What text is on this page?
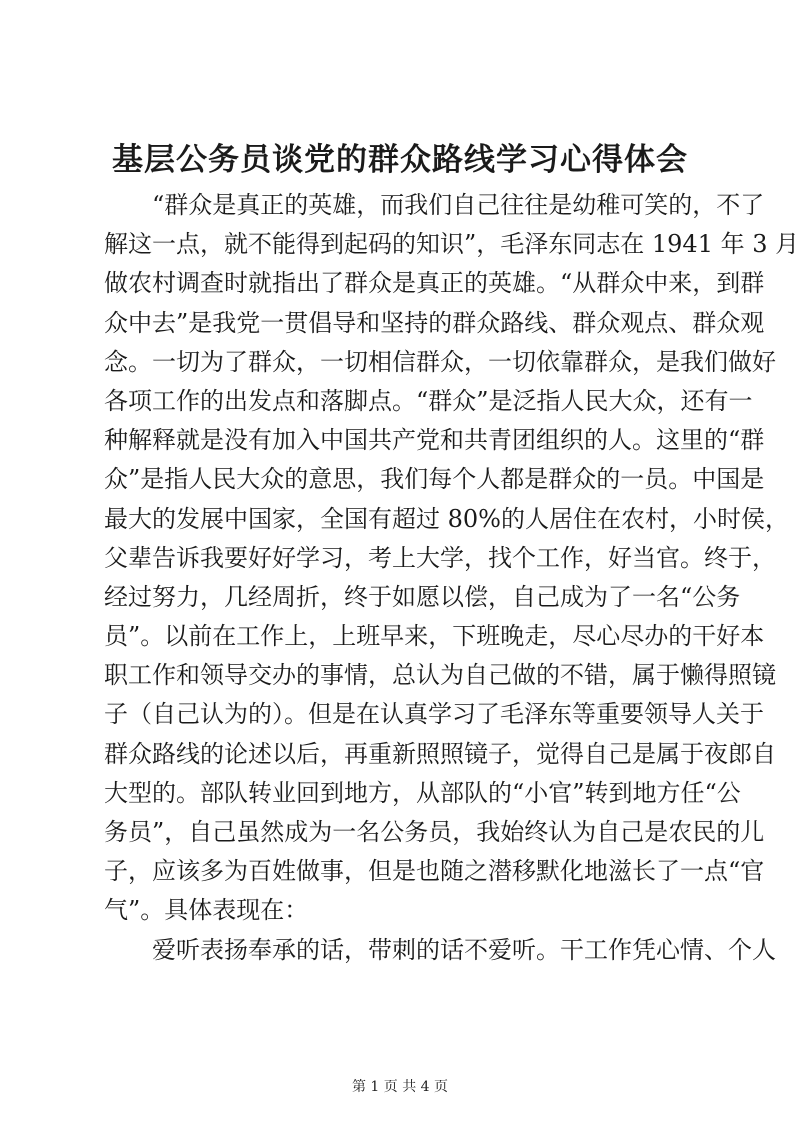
基层公务员谈党的群众路线学习心得体会
“群众是真正的英雄，而我们自己往往是幼稚可笑的，不了
解这一点，就不能得到起码的知识”，毛泽东同志在 1941 年 3 月
做农村调查时就指出了群众是真正的英雄。“从群众中来，到群
众中去”是我党一贯倡导和坚持的群众路线、群众观点、群众观
念。一切为了群众，一切相信群众，一切依靠群众，是我们做好
各项工作的出发点和落脚点。“群众”是泛指人民大众，还有一
种解释就是没有加入中国共产党和共青团组织的人。这里的“群
众”是指人民大众的意思，我们每个人都是群众的一员。中国是
最大的发展中国家，全国有超过 80%的人居住在农村，小时侯，
父辈告诉我要好好学习，考上大学，找个工作，好当官。终于，
经过努力，几经周折，终于如愿以偿，自己成为了一名“公务
员”。以前在工作上，上班早来，下班晚走，尽心尽办的干好本
职工作和领导交办的事情，总认为自己做的不错，属于懒得照镜
子（自己认为的）。但是在认真学习了毛泽东等重要领导人关于
群众路线的论述以后，再重新照照镜子，觉得自己是属于夜郎自
大型的。部队转业回到地方，从部队的“小官”转到地方任“公
务员”，自己虽然成为一名公务员，我始终认为自己是农民的儿
子，应该多为百姓做事，但是也随之潜移默化地滋长了一点“官
气”。具体表现在：
爱听表扬奉承的话，带刺的话不爱听。干工作凭心情、个人
第 1 页 共 4 页
